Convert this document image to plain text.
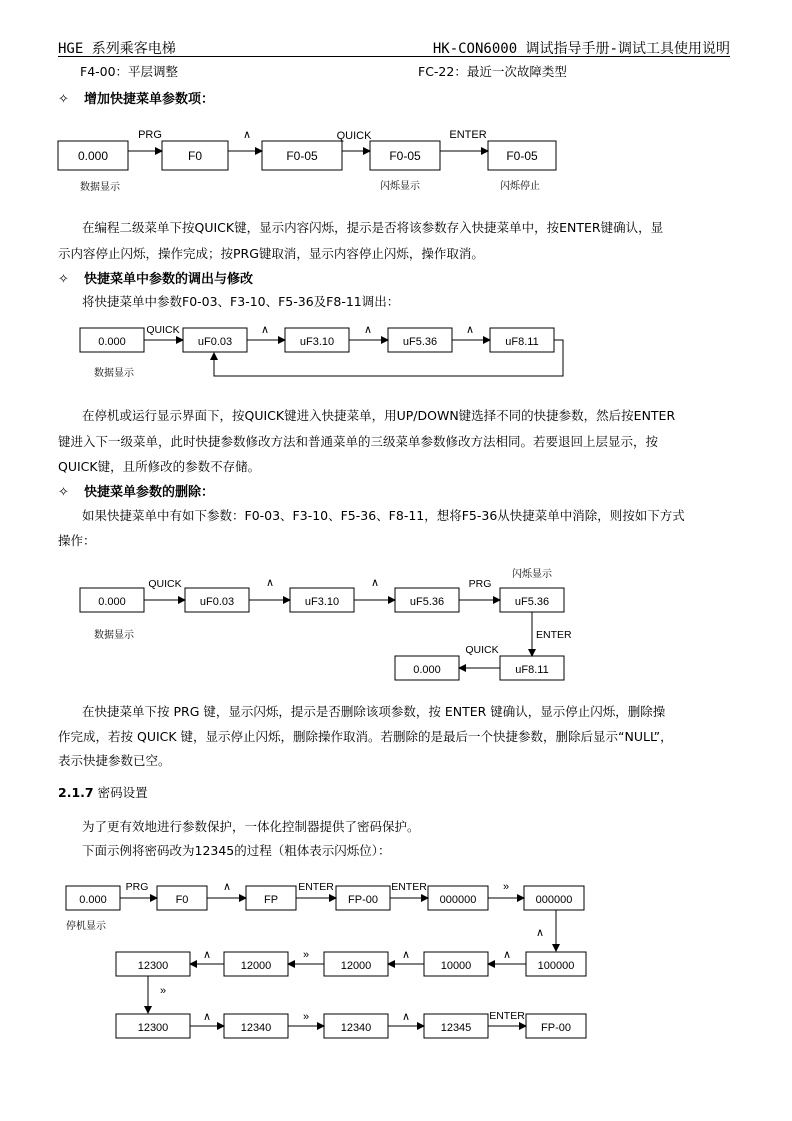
HGE 系列乘客电梯	HK-CON6000 调试指导手册-调试工具使用说明
F4-00：平层调整	FC-22：最近一次故障类型
✧ 增加快捷菜单参数项：
0.000	F0	F0-05	F0-05	F0-05
PRG	∧	QUICK	ENTER
数据显示	闪烁显示	闪烁停止
0.000	uF0.03	uF3.10	uF5.36	uF8.11
QUICK	∧	∧	∧
数据显示
0.000	uF0.03	uF3.10	uF5.36	uF5.36
uF8.11
0.000
QUICK	∧	∧	PRG
ENTER
QUICK
闪烁显示
数据显示
0.000	F0	FP	FP-00	000000	000000
PRG	∧	ENTER	ENTER	»
停机显示
∧
12300	12000	12000	10000	100000
∧	»	∧	∧
»
12300	12340	12340	12345	FP-00
∧	»	∧	ENTER
在编程二级菜单下按QUICK键，显示内容闪烁，提示是否将该参数存入快捷菜单中，按ENTER键确认，显
示内容停止闪烁，操作完成；按PRG键取消，显示内容停止闪烁，操作取消。
✧ 快捷菜单中参数的调出与修改
将快捷菜单中参数F0-03、F3-10、F5-36及F8-11调出：
在停机或运行显示界面下，按QUICK键进入快捷菜单，用UP/DOWN键选择不同的快捷参数，然后按ENTER
键进入下一级菜单，此时快捷参数修改方法和普通菜单的三级菜单参数修改方法相同。若要退回上层显示，按
QUICK键，且所修改的参数不存储。
✧ 快捷菜单参数的删除：
如果快捷菜单中有如下参数：F0-03、F3-10、F5-36、F8-11，想将F5-36从快捷菜单中消除，则按如下方式
操作：
在快捷菜单下按 PRG 键，显示闪烁，提示是否删除该项参数，按 ENTER 键确认，显示停止闪烁，删除操
作完成，若按 QUICK 键，显示停止闪烁，删除操作取消。若删除的是最后一个快捷参数，删除后显示“NULL”，
表示快捷参数已空。
2.1.7 密码设置
为了更有效地进行参数保护，一体化控制器提供了密码保护。
下面示例将密码改为12345的过程（粗体表示闪烁位）：
